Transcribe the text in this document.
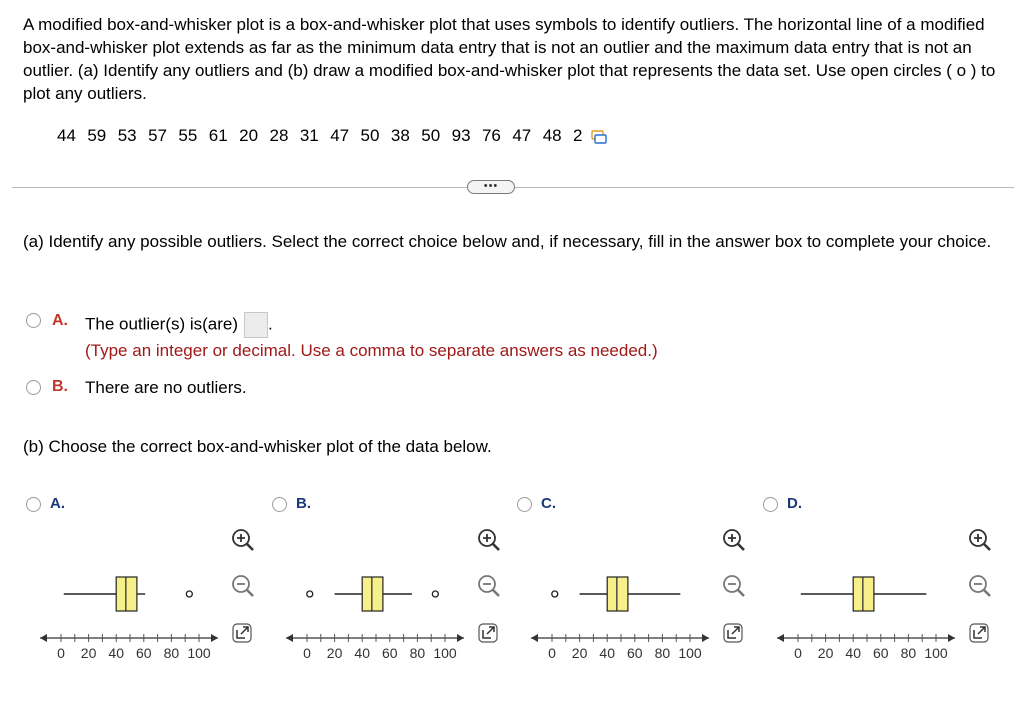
A modified box-and-whisker plot is a box-and-whisker plot that uses symbols to identify outliers. The horizontal line of a modified box-and-whisker plot extends as far as the minimum data entry that is not an outlier and the maximum data entry that is not an outlier. (a) Identify any outliers and (b) draw a modified box-and-whisker plot that represents the data set. Use open circles ( o ) to plot any outliers.
44  59  53  57  55  61  20  28  31  47  50  38  50  93  76  47  48  2
•••
(a) Identify any possible outliers. Select the correct choice below and, if necessary, fill in the answer box to complete your choice.
A. The outlier(s) is(are) .
(Type an integer or decimal. Use a comma to separate answers as needed.)
B. There are no outliers.
(b) Choose the correct box-and-whisker plot of the data below.
0 20 40 60 80 100
A.
0 20 40 60 80 100
B.
0 20 40 60 80 100
C.
0 20 40 60 80 100
D.
